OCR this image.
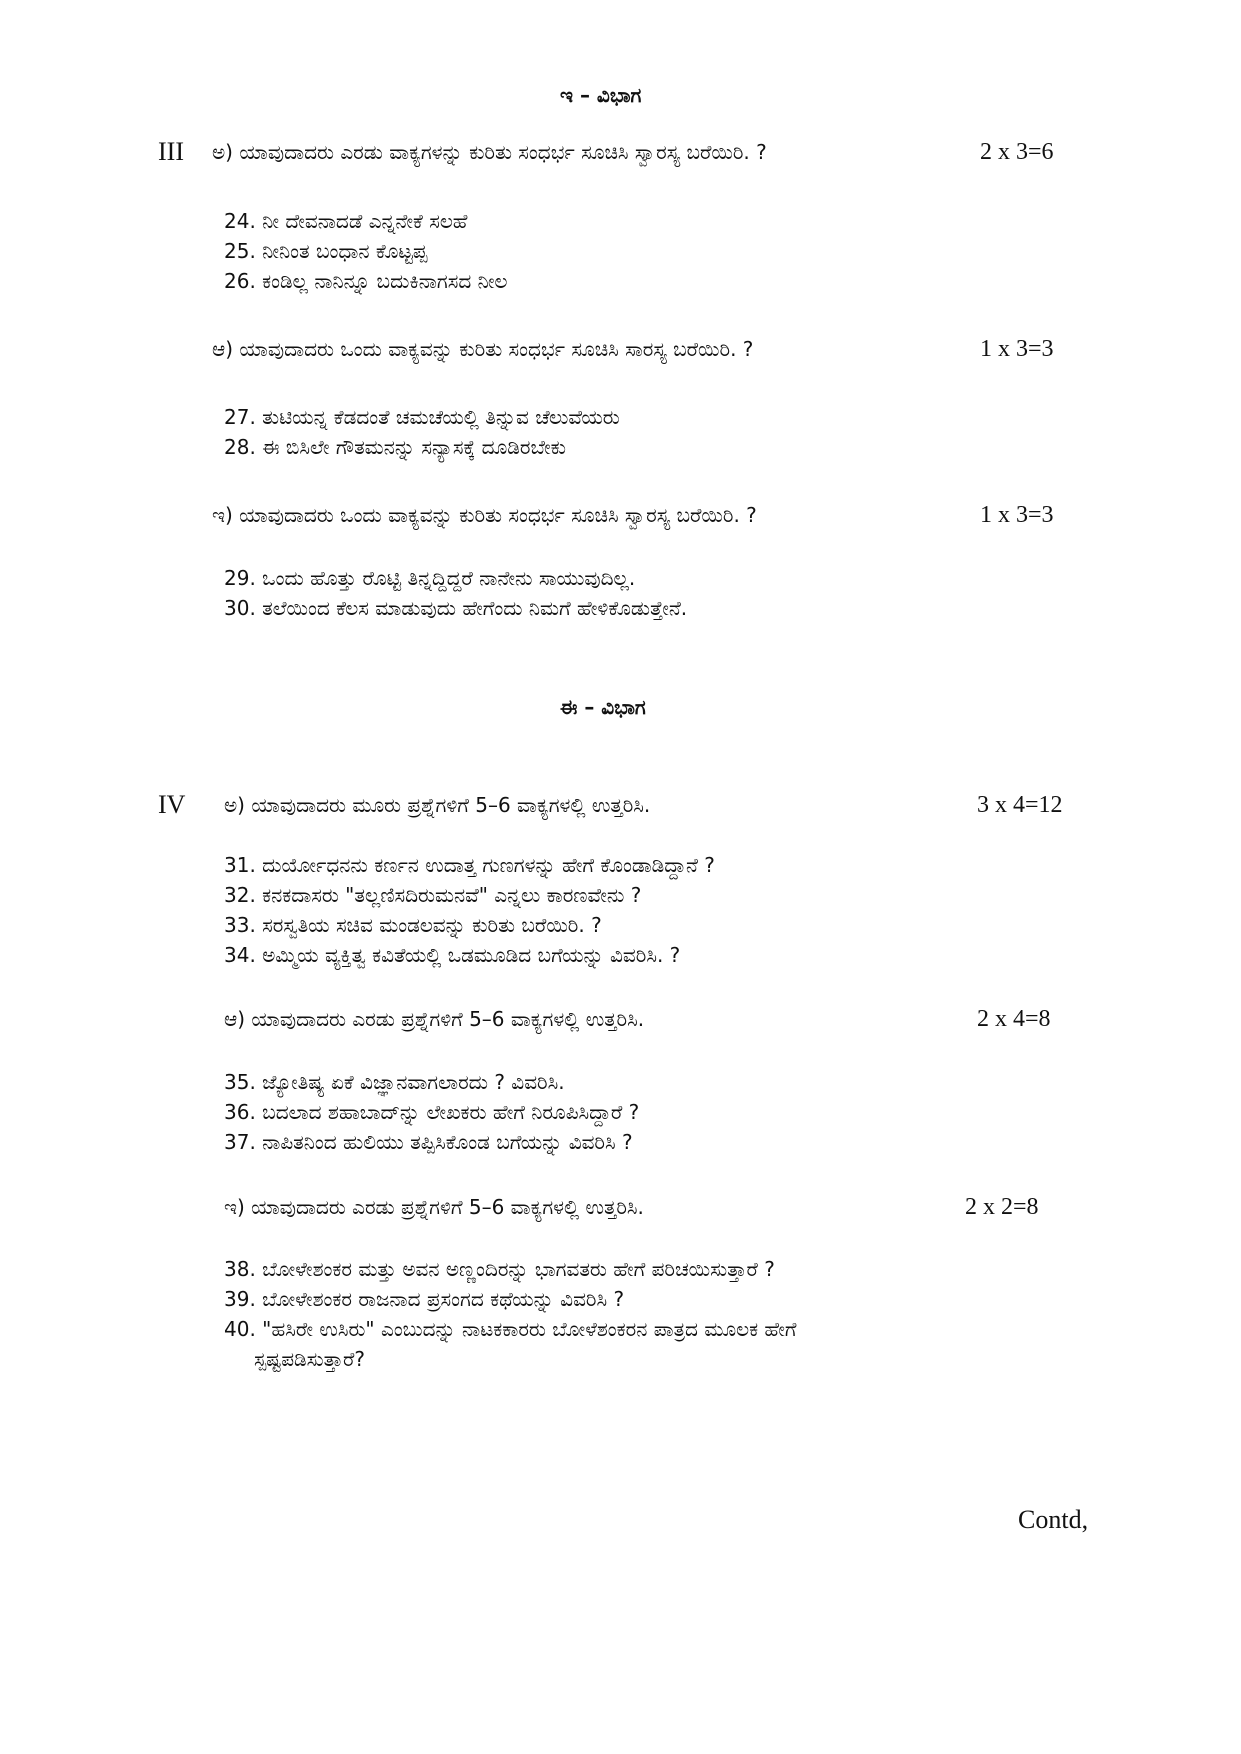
ಇ – ವಿಭಾಗ
III ಅ) ಯಾವುದಾದರು ಎರಡು ವಾಕ್ಯಗಳನ್ನು ಕುರಿತು ಸಂಧರ್ಭ ಸೂಚಿಸಿ ಸ್ವಾರಸ್ಯ ಬರೆಯಿರಿ. ?	2 x 3=6
24. ನೀ ದೇವನಾದಡೆ ಎನ್ನನೇಕೆ ಸಲಹೆ
25. ನೀನಿಂತ ಬಂಧಾನ ಕೊಟ್ಟಪ್ಪ
26. ಕಂಡಿಲ್ಲ ನಾನಿನ್ನೂ ಬದುಕಿನಾಗಸದ ನೀಲ
ಆ) ಯಾವುದಾದರು ಒಂದು ವಾಕ್ಯವನ್ನು ಕುರಿತು ಸಂಧರ್ಭ ಸೂಚಿಸಿ ಸಾರಸ್ಯ ಬರೆಯಿರಿ. ?	1 x 3=3
27. ತುಟಿಯನ್ನ ಕೆಡದಂತೆ ಚಮಚೆಯಲ್ಲಿ ತಿನ್ನುವ ಚೆಲುವೆಯರು
28. ಈ ಬಿಸಿಲೇ ಗೌತಮನನ್ನು ಸನ್ಯಾಸಕ್ಕೆ ದೂಡಿರಬೇಕು
ಇ) ಯಾವುದಾದರು ಒಂದು ವಾಕ್ಯವನ್ನು ಕುರಿತು ಸಂಧರ್ಭ ಸೂಚಿಸಿ ಸ್ವಾರಸ್ಯ ಬರೆಯಿರಿ. ?	1 x 3=3
29. ಒಂದು ಹೊತ್ತು ರೊಟ್ಟಿ ತಿನ್ನದ್ದಿದ್ದರೆ ನಾನೇನು ಸಾಯುವುದಿಲ್ಲ.
30. ತಲೆಯಿಂದ ಕೆಲಸ ಮಾಡುವುದು ಹೇಗೆಂದು ನಿಮಗೆ ಹೇಳಿಕೊಡುತ್ತೇನೆ.
ಈ – ವಿಭಾಗ
IV ಅ) ಯಾವುದಾದರು ಮೂರು ಪ್ರಶ್ನೆಗಳಿಗೆ 5–6 ವಾಕ್ಯಗಳಲ್ಲಿ ಉತ್ತರಿಸಿ.	3 x 4=12
31. ದುರ್ಯೋಧನನು ಕರ್ಣನ ಉದಾತ್ತ ಗುಣಗಳನ್ನು ಹೇಗೆ ಕೊಂಡಾಡಿದ್ದಾನೆ ?
32. ಕನಕದಾಸರು "ತಲ್ಲಣಿಸದಿರುಮನವೆ" ಎನ್ನಲು ಕಾರಣವೇನು ?
33. ಸರಸ್ವತಿಯ ಸಚಿವ ಮಂಡಲವನ್ನು ಕುರಿತು ಬರೆಯಿರಿ. ?
34. ಅಮ್ಮಿಯ ವ್ಯಕ್ತಿತ್ವ ಕವಿತೆಯಲ್ಲಿ ಒಡಮೂಡಿದ ಬಗೆಯನ್ನು ವಿವರಿಸಿ. ?
ಆ) ಯಾವುದಾದರು ಎರಡು ಪ್ರಶ್ನೆಗಳಿಗೆ 5–6 ವಾಕ್ಯಗಳಲ್ಲಿ ಉತ್ತರಿಸಿ.	2 x 4=8
35. ಜ್ಯೋತಿಷ್ಯ ಏಕೆ ವಿಜ್ಞಾನವಾಗಲಾರದು ? ವಿವರಿಸಿ.
36. ಬದಲಾದ ಶಹಾಬಾದ್‌ನ್ನು ಲೇಖಕರು ಹೇಗೆ ನಿರೂಪಿಸಿದ್ದಾರೆ ?
37. ನಾಪಿತನಿಂದ ಹುಲಿಯು ತಪ್ಪಿಸಿಕೊಂಡ ಬಗೆಯನ್ನು ವಿವರಿಸಿ ?
ಇ) ಯಾವುದಾದರು ಎರಡು ಪ್ರಶ್ನೆಗಳಿಗೆ 5–6 ವಾಕ್ಯಗಳಲ್ಲಿ ಉತ್ತರಿಸಿ.	2 x 2=8
38. ಬೋಳೇಶಂಕರ ಮತ್ತು ಅವನ ಅಣ್ಣಂದಿರನ್ನು ಭಾಗವತರು ಹೇಗೆ ಪರಿಚಯಿಸುತ್ತಾರೆ ?
39. ಬೋಳೇಶಂಕರ ರಾಜನಾದ ಪ್ರಸಂಗದ ಕಥೆಯನ್ನು ವಿವರಿಸಿ ?
40. "ಹಸಿರೇ ಉಸಿರು" ಎಂಬುದನ್ನು ನಾಟಕಕಾರರು ಬೋಳೆಶಂಕರನ ಪಾತ್ರದ ಮೂಲಕ ಹೇಗೆ
ಸ್ಪಷ್ಟಪಡಿಸುತ್ತಾರೆ?
Contd,
